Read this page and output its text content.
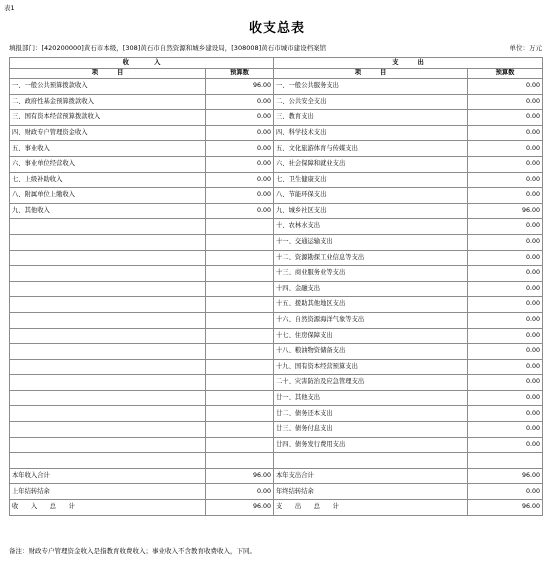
表1
收支总表
填报部门：[420200000]黄石市本级，[308]黄石市自然资源和城乡建设局，[308008]黄石市城市建设档案馆	单位：万元
收　　　　入		支　　　出	
项　　　目	预算数	项　　　目	预算数
一、一般公共预算拨款收入	96.00	一、一般公共服务支出	0.00
二、政府性基金预算拨款收入	0.00	二、公共安全支出	0.00
三、国有资本经营预算拨款收入	0.00	三、教育支出	0.00
四、财政专户管理资金收入	0.00	四、科学技术支出	0.00
五、事业收入	0.00	五、文化旅游体育与传媒支出	0.00
六、事业单位经营收入	0.00	六、社会保障和就业支出	0.00
七、上级补助收入	0.00	七、卫生健康支出	0.00
八、附属单位上缴收入	0.00	八、节能环保支出	0.00
九、其他收入	0.00	九、城乡社区支出	96.00
		十、农林水支出	0.00
		十一、交通运输支出	0.00
		十二、资源勘探工业信息等支出	0.00
		十三、商业服务业等支出	0.00
		十四、金融支出	0.00
		十五、援助其他地区支出	0.00
		十六、自然资源海洋气象等支出	0.00
		十七、住房保障支出	0.00
		十八、粮油物资储备支出	0.00
		十九、国有资本经营预算支出	0.00
		二十、灾害防治及应急管理支出	0.00
		廿一、其他支出	0.00
		廿二、债务还本支出	0.00
		廿三、债务付息支出	0.00
		廿四、债务发行费用支出	0.00

本年收入合计	96.00	本年支出合计	96.00
上年结转结余	0.00	年终结转结余	0.00
收　　入　　总　　计	96.00	支　　出　　总　　计	96.00
备注：财政专户管理资金收入是指教育收费收入；事业收入不含教育收费收入，下同。
